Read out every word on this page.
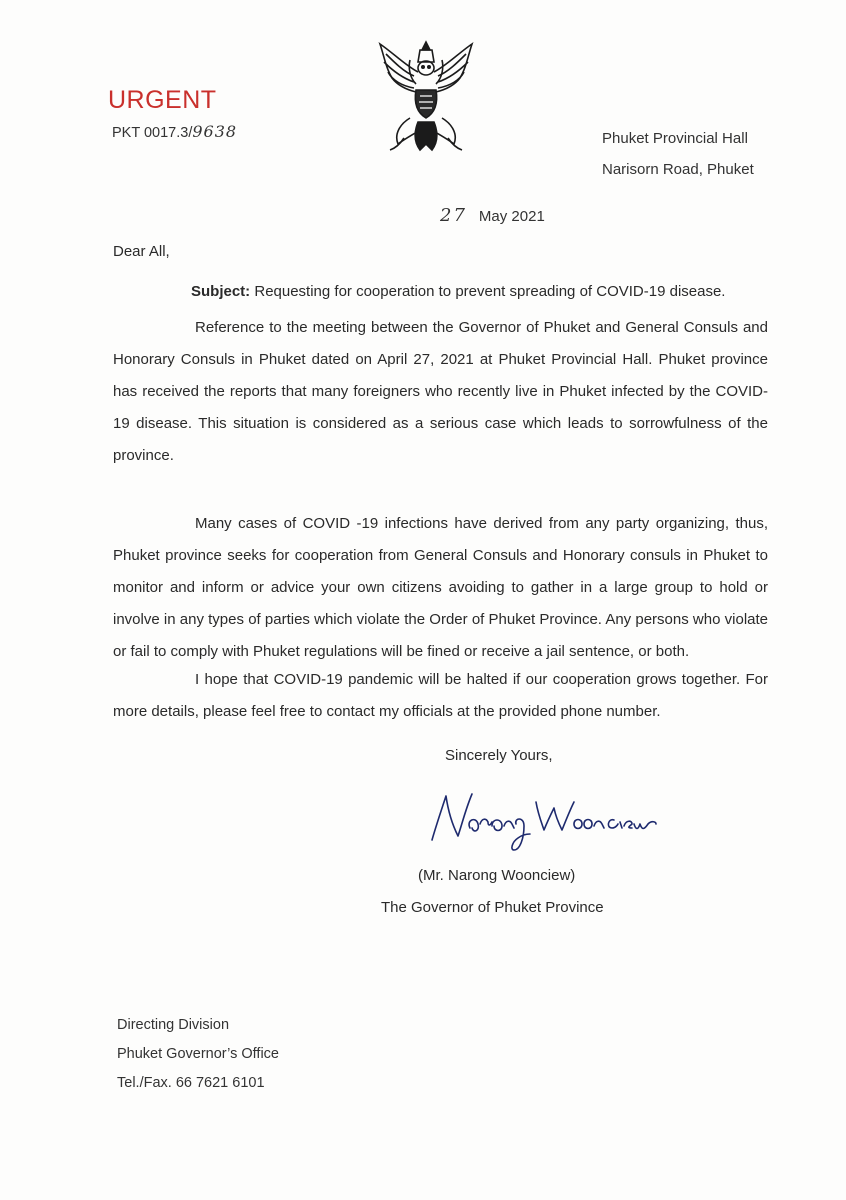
URGENT
PKT 0017.3/9638	Phuket Provincial Hall
Narisorn Road, Phuket
27 May 2021
Dear All,
Subject: Requesting for cooperation to prevent spreading of COVID-19 disease.
Reference to the meeting between the Governor of Phuket and General Consuls and Honorary Consuls in Phuket dated on April 27, 2021 at Phuket Provincial Hall. Phuket province has received the reports that many foreigners who recently live in Phuket infected by the COVID-19 disease. This situation is considered as a serious case which leads to sorrowfulness of the province.
Many cases of COVID -19 infections have derived from any party organizing, thus, Phuket province seeks for cooperation from General Consuls and Honorary consuls in Phuket to monitor and inform or advice your own citizens avoiding to gather in a large group to hold or involve in any types of parties which violate the Order of Phuket Province. Any persons who violate or fail to comply with Phuket regulations will be fined or receive a jail sentence, or both.
I hope that COVID-19 pandemic will be halted if our cooperation grows together. For more details, please feel free to contact my officials at the provided phone number.
Sincerely Yours,
(Mr. Narong Woonciew)
The Governor of Phuket Province
Directing Division
Phuket Governor’s Office
Tel./Fax. 66 7621 6101
